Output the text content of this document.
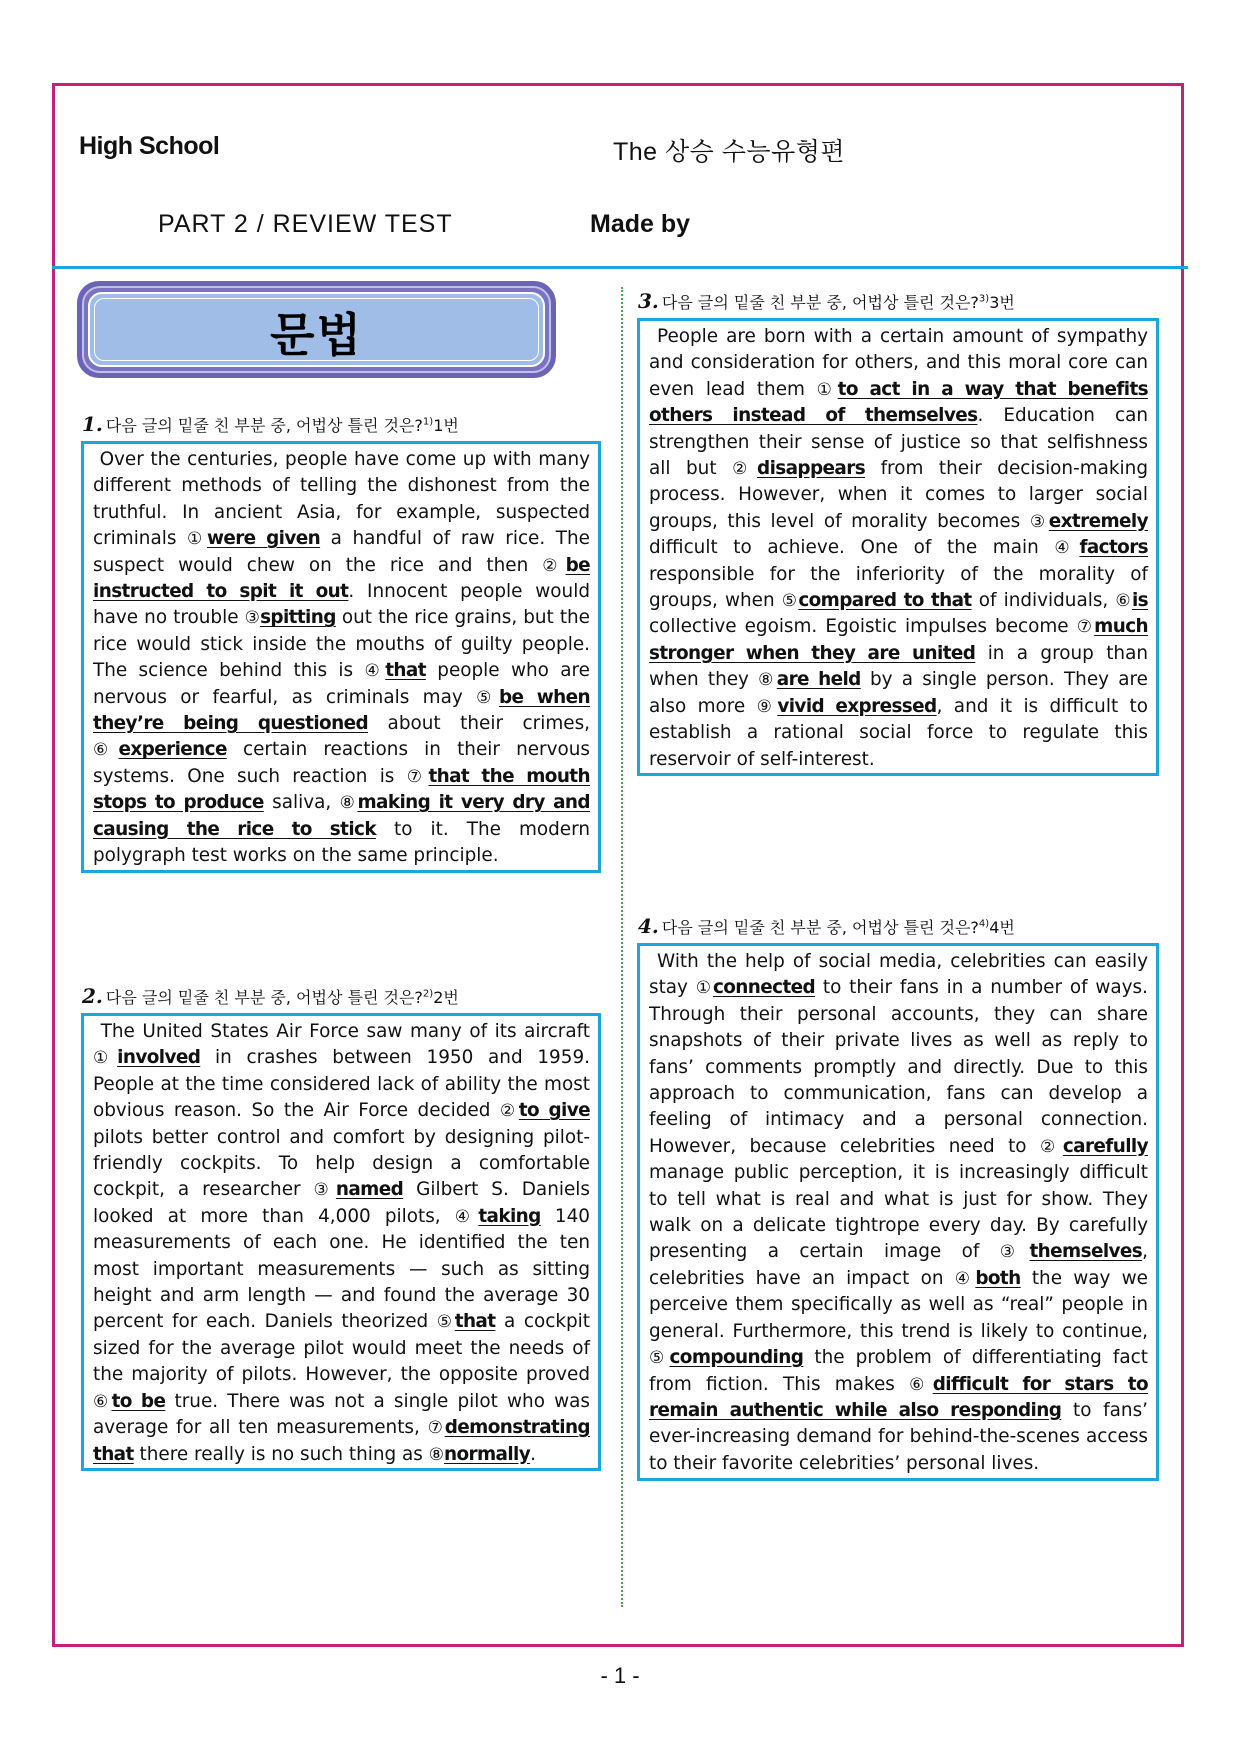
High School	The 상승 수능유형편
PART 2 / REVIEW TEST	Made by
문법
1. 다음 글의 밑줄 친 부분 중, 어법상 틀린 것은?$^{1)}$1번
Over the centuries, people have come up with many different methods of telling the dishonest from the truthful. In ancient Asia, for example, suspected criminals ①were given a handful of raw rice. The suspect would chew on the rice and then ②be instructed to spit it out. Innocent people would have no trouble ③spitting out the rice grains, but the rice would stick inside the mouths of guilty people. The science behind this is ④that people who are nervous or fearful, as criminals may ⑤be when they’re being questioned about their crimes, ⑥experience certain reactions in their nervous systems. One such reaction is ⑦that the mouth stops to produce saliva, ⑧making it very dry and causing the rice to stick to it. The modern polygraph test works on the same principle.
2. 다음 글의 밑줄 친 부분 중, 어법상 틀린 것은?$^{2)}$2번
The United States Air Force saw many of its aircraft ①involved in crashes between 1950 and 1959. People at the time considered lack of ability the most obvious reason. So the Air Force decided ②to give pilots better control and comfort by designing pilot-friendly cockpits. To help design a comfortable cockpit, a researcher ③named Gilbert S. Daniels looked at more than 4,000 pilots, ④taking 140 measurements of each one. He identified the ten most important measurements — such as sitting height and arm length — and found the average 30 percent for each. Daniels theorized ⑤that a cockpit sized for the average pilot would meet the needs of the majority of pilots. However, the opposite proved ⑥to be true. There was not a single pilot who was average for all ten measurements, ⑦demonstrating that there really is no such thing as ⑧normally.
3. 다음 글의 밑줄 친 부분 중, 어법상 틀린 것은?$^{3)}$3번
People are born with a certain amount of sympathy and consideration for others, and this moral core can even lead them ①to act in a way that benefits others instead of themselves. Education can strengthen their sense of justice so that selfishness all but ②disappears from their decision-making process. However, when it comes to larger social groups, this level of morality becomes ③extremely difficult to achieve. One of the main ④factors responsible for the inferiority of the morality of groups, when ⑤compared to that of individuals, ⑥is collective egoism. Egoistic impulses become ⑦much stronger when they are united in a group than when they ⑧are held by a single person. They are also more ⑨vivid expressed, and it is difficult to establish a rational social force to regulate this reservoir of self-interest.
4. 다음 글의 밑줄 친 부분 중, 어법상 틀린 것은?$^{4)}$4번
With the help of social media, celebrities can easily stay ①connected to their fans in a number of ways. Through their personal accounts, they can share snapshots of their private lives as well as reply to fans’ comments promptly and directly. Due to this approach to communication, fans can develop a feeling of intimacy and a personal connection. However, because celebrities need to ②carefully manage public perception, it is increasingly difficult to tell what is real and what is just for show. They walk on a delicate tightrope every day. By carefully presenting a certain image of ③themselves, celebrities have an impact on ④both the way we perceive them specifically as well as “real” people in general. Furthermore, this trend is likely to continue, ⑤compounding the problem of differentiating fact from fiction. This makes ⑥difficult for stars to remain authentic while also responding to fans’ ever-increasing demand for behind-the-scenes access to their favorite celebrities’ personal lives.
- 1 -
